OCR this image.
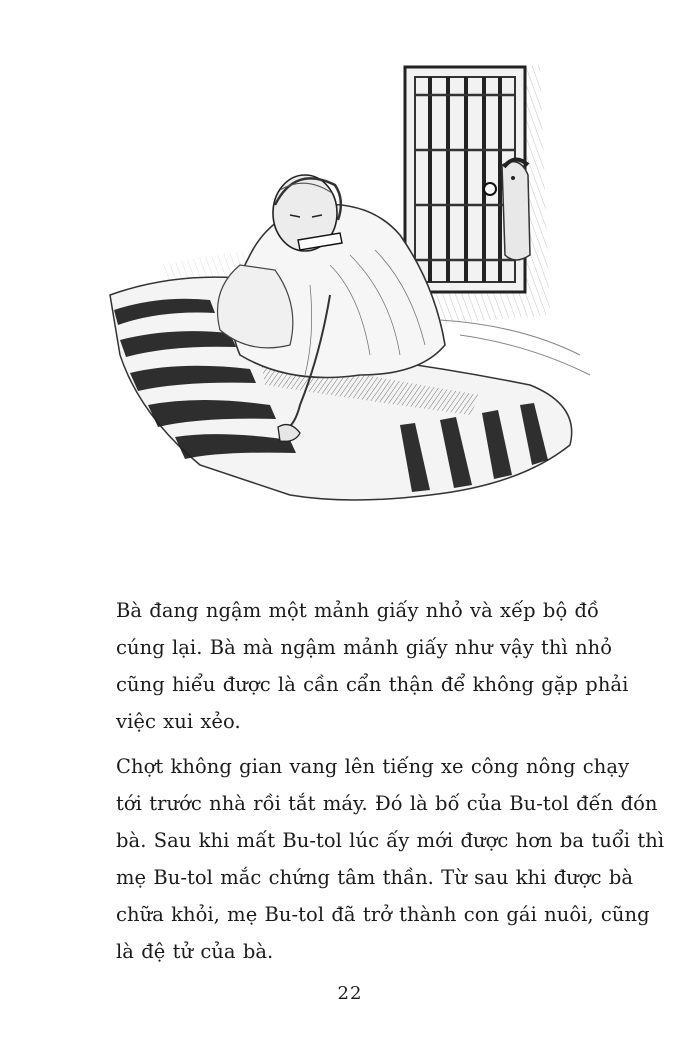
Bà đang ngậm một mảnh giấy nhỏ và xếp bộ đồ
cúng lại. Bà mà ngậm mảnh giấy như vậy thì nhỏ
cũng hiểu được là cần cẩn thận để không gặp phải
việc xui xẻo.

Chợt không gian vang lên tiếng xe công nông chạy
tới trước nhà rồi tắt máy. Đó là bố của Bu-tol đến đón
bà. Sau khi mất Bu-tol lúc ấy mới được hơn ba tuổi thì
mẹ Bu-tol mắc chứng tâm thần. Từ sau khi được bà
chữa khỏi, mẹ Bu-tol đã trở thành con gái nuôi, cũng
là đệ tử của bà.

22
